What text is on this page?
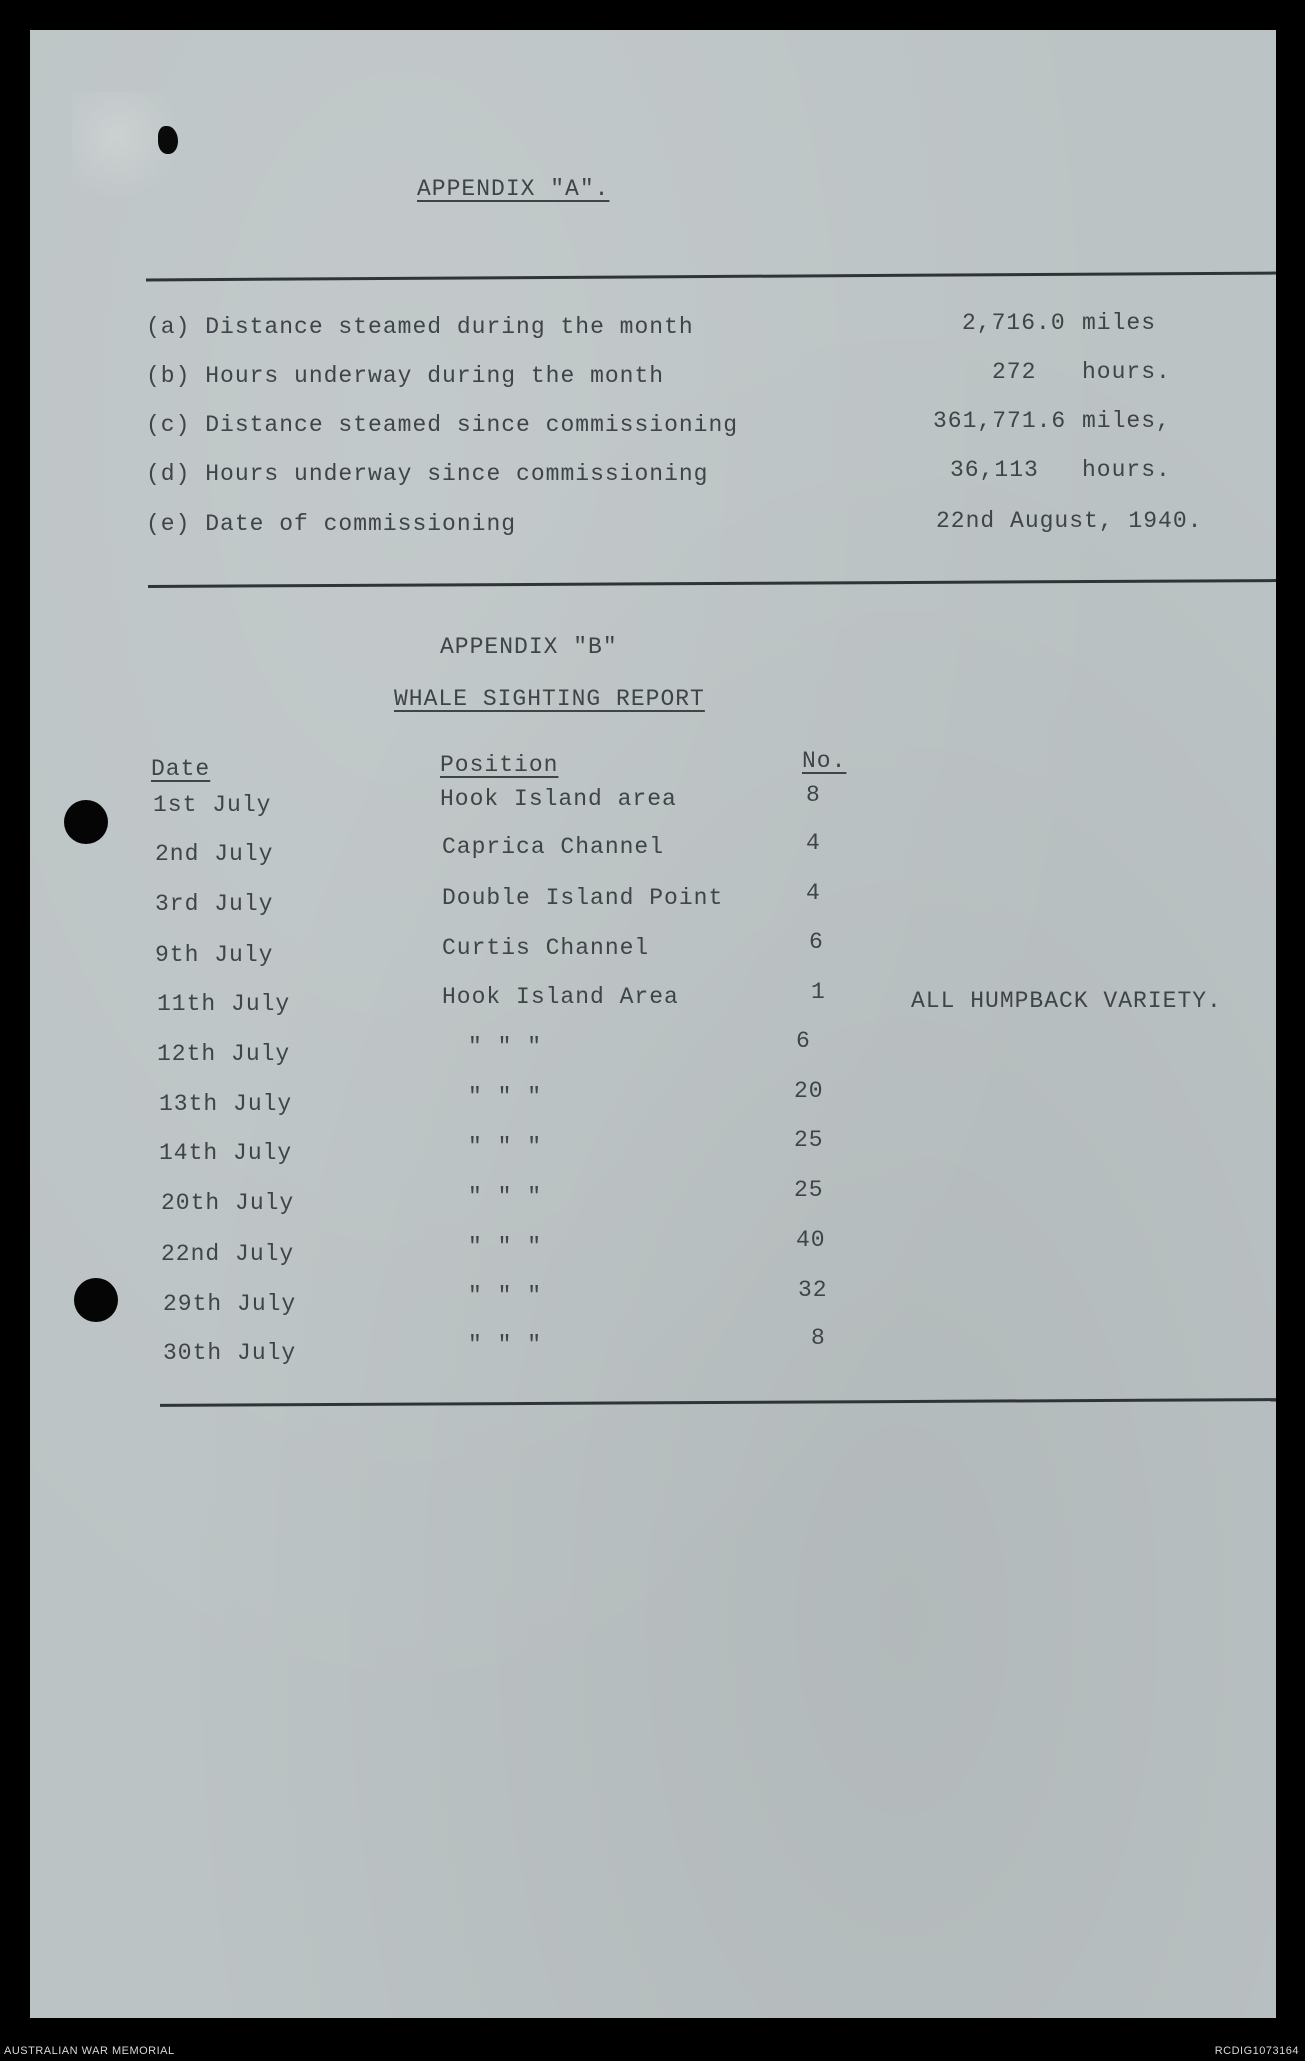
APPENDIX "A".
(a) Distance steamed during the month	2,716.0 miles
(b) Hours underway during the month	272 hours.
(c) Distance steamed since commissioning	361,771.6 miles,
(d) Hours underway since commissioning	36,113 hours.
(e) Date of commissioning	22nd August, 1940.
APPENDIX "B"
WHALE SIGHTING REPORT
Date	Position	No.
1st July	Hook Island area	8
2nd July	Caprica Channel	4
3rd July	Double Island Point	4
9th July	Curtis Channel	6
11th July	Hook Island Area	1
12th July	" " "	6
13th July	" " "	20
14th July	" " "	25
20th July	" " "	25
22nd July	" " "	40
29th July	" " "	32
30th July	" " "	8
ALL HUMPBACK VARIETY.
AUSTRALIAN WAR MEMORIAL	RCDIG1073164
